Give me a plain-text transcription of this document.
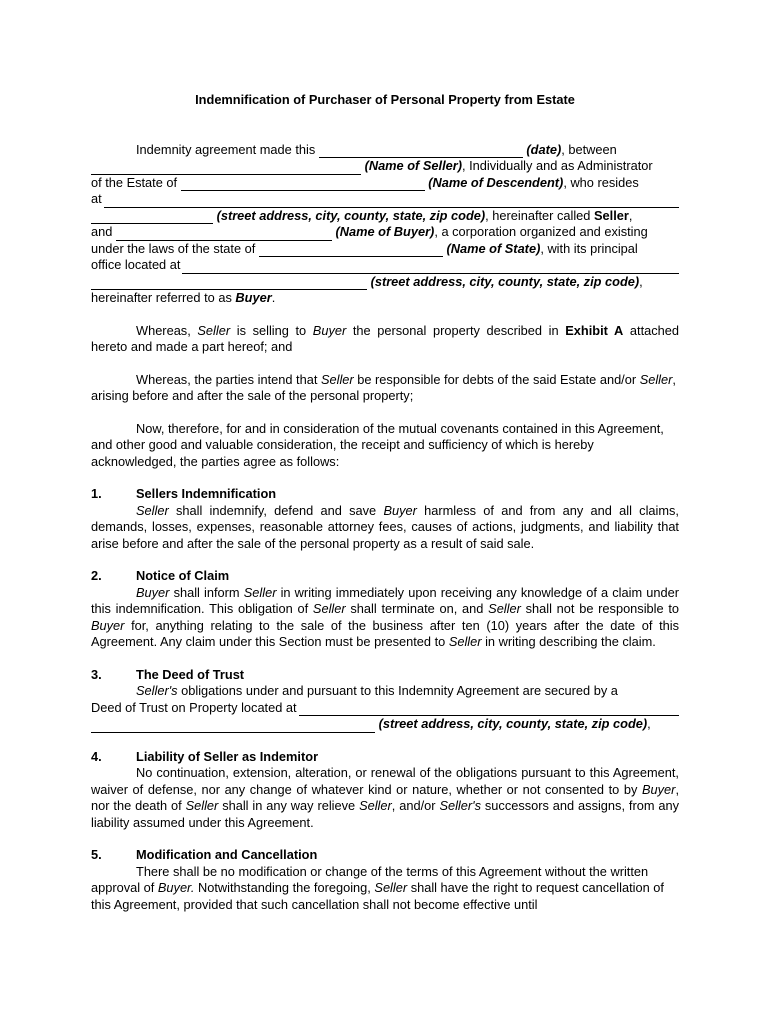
Indemnification of Purchaser of Personal Property from Estate
Indemnity agreement made this

	(date) , between

(Name of Seller) , Individually and as Administrator
of the Estate of

	(Name of Descendent) , who resides
at

(street address, city, county, state, zip code) , hereinafter called
Seller ,
and

	(Name of Buyer) , a corporation organized and existing
under the laws of the state of

	(Name of State) , with its principal
office located at

(street address, city, county, state, zip code) ,
hereinafter referred to as
Buyer .

Whereas, Seller is selling to Buyer the personal property described in Exhibit A attached hereto and made a part hereof; and

Whereas, the parties intend that Seller be responsible for debts of the said Estate and/or Seller, arising before and after the sale of the personal property;

Now, therefore, for and in consideration of the mutual covenants contained in this Agreement, and other good and valuable consideration, the receipt and sufficiency of which is hereby acknowledged, the parties agree as follows:

1.	Sellers Indemnification

Seller shall indemnify, defend and save Buyer harmless of and from any and all claims, demands, losses, expenses, reasonable attorney fees, causes of actions, judgments, and liability that arise before and after the sale of the personal property as a result of said sale.

2.	Notice of Claim

Buyer shall inform Seller in writing immediately upon receiving any knowledge of a claim under this indemnification. This obligation of Seller shall terminate on, and Seller shall not be responsible to Buyer for, anything relating to the sale of the business after ten (10) years after the date of this Agreement. Any claim under this Section must be presented to Seller in writing describing the claim.

3.	The Deed of Trust

Seller's obligations under and pursuant to this Indemnity Agreement are secured by a

Deed of Trust on Property located at

(street address, city, county, state, zip code) ,
4.	Liability of Seller as Indemitor

No continuation, extension, alteration, or renewal of the obligations pursuant to this Agreement, waiver of defense, nor any change of whatever kind or nature, whether or not consented to by Buyer, nor the death of Seller shall in any way relieve Seller, and/or Seller's successors and assigns, from any liability assumed under this Agreement.

5.	Modification and Cancellation

There shall be no modification or change of the terms of this Agreement without the written approval of Buyer. Notwithstanding the foregoing, Seller shall have the right to request cancellation of this Agreement, provided that such cancellation shall not become effective until
